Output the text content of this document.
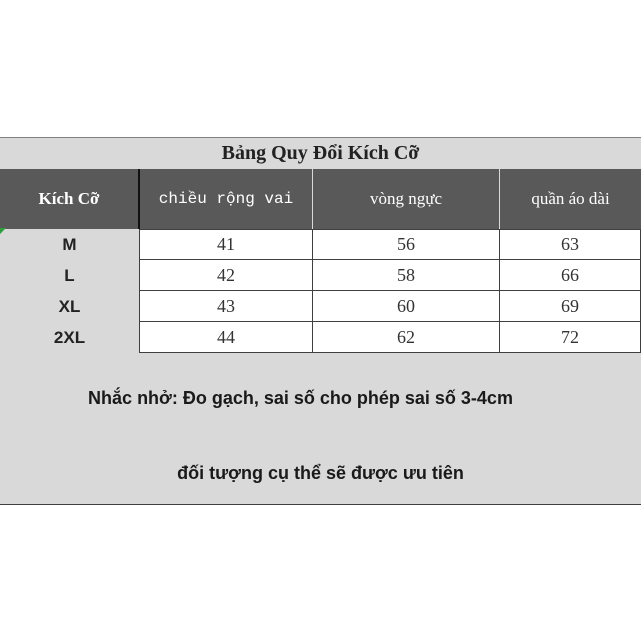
Bảng Quy Đổi Kích Cỡ
Kích Cỡ	chiều rộng vai	vòng ngực	quần áo dài
M	41	56	63
L	42	58	66
XL	43	60	69
2XL	44	62	72
Nhắc nhở: Đo gạch, sai số cho phép sai số 3-4cm
đối tượng cụ thể sẽ được ưu tiên
